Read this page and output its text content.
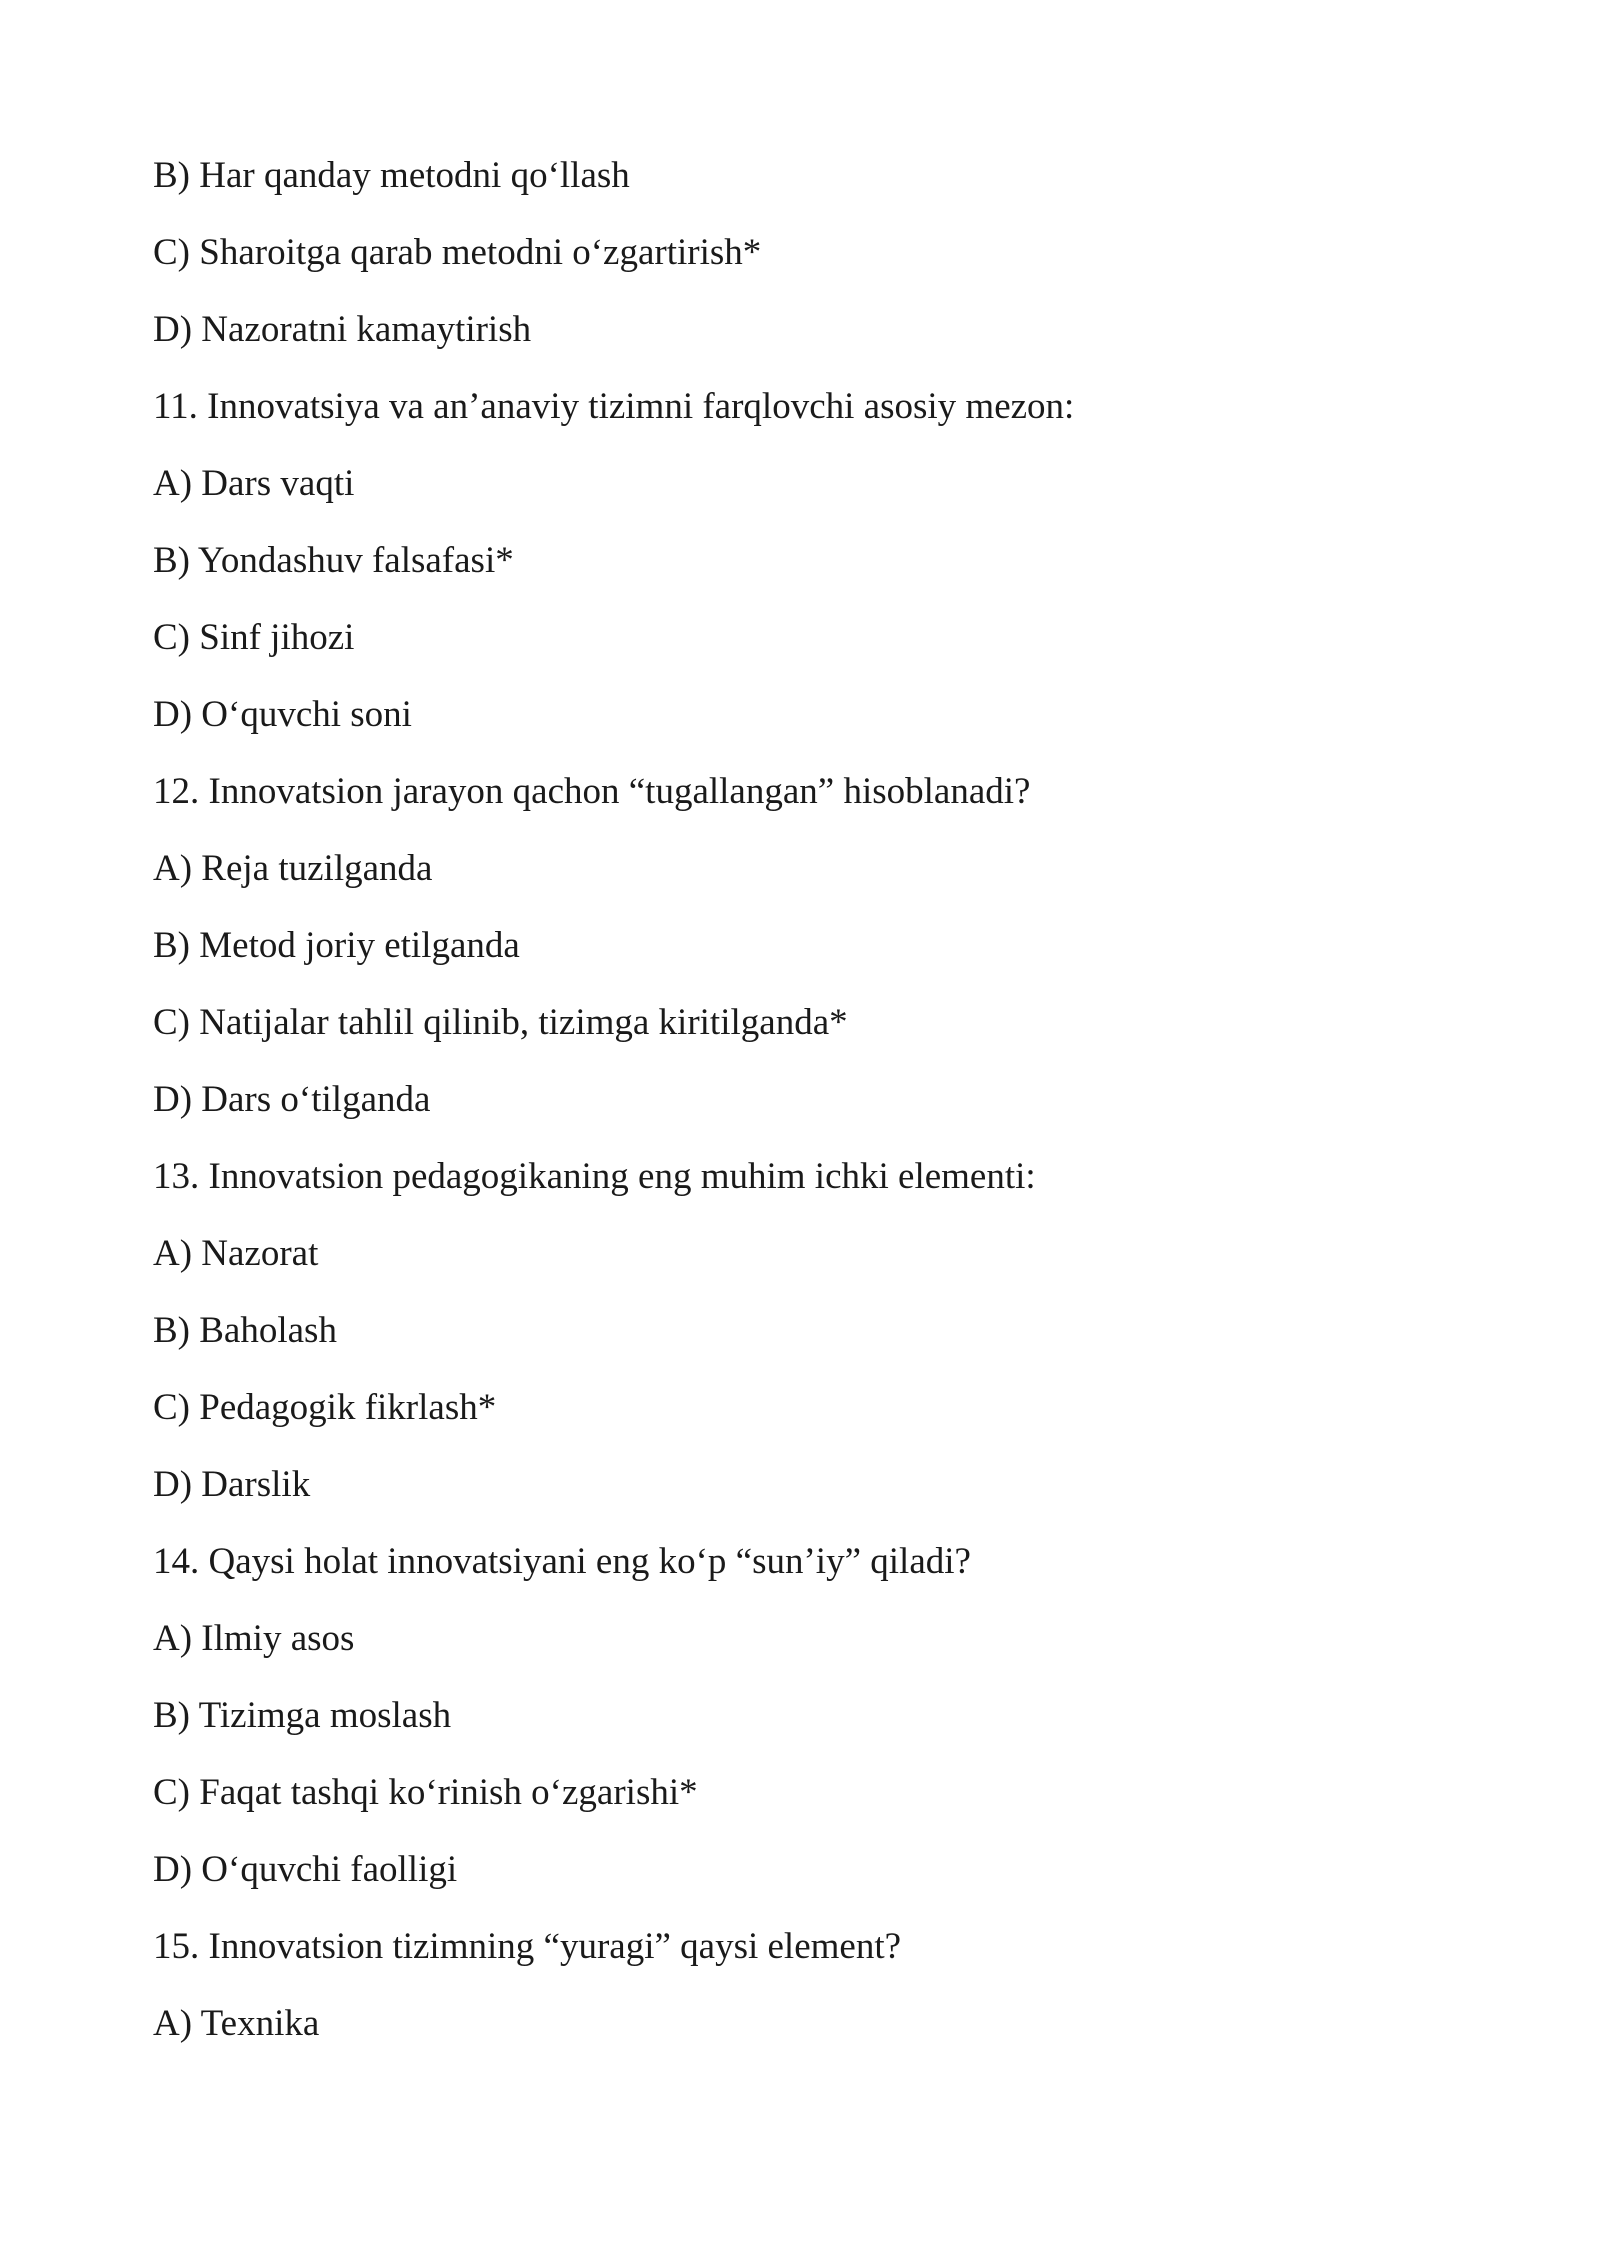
B) Har qanday metodni qo‘llash
C) Sharoitga qarab metodni o‘zgartirish*
D) Nazoratni kamaytirish
11. Innovatsiya va an’anaviy tizimni farqlovchi asosiy mezon:
A) Dars vaqti
B) Yondashuv falsafasi*
C) Sinf jihozi
D) O‘quvchi soni
12. Innovatsion jarayon qachon “tugallangan” hisoblanadi?
A) Reja tuzilganda
B) Metod joriy etilganda
C) Natijalar tahlil qilinib, tizimga kiritilganda*
D) Dars o‘tilganda
13. Innovatsion pedagogikaning eng muhim ichki elementi:
A) Nazorat
B) Baholash
C) Pedagogik fikrlash*
D) Darslik
14. Qaysi holat innovatsiyani eng ko‘p “sun’iy” qiladi?
A) Ilmiy asos
B) Tizimga moslash
C) Faqat tashqi ko‘rinish o‘zgarishi*
D) O‘quvchi faolligi
15. Innovatsion tizimning “yuragi” qaysi element?
A) Texnika
